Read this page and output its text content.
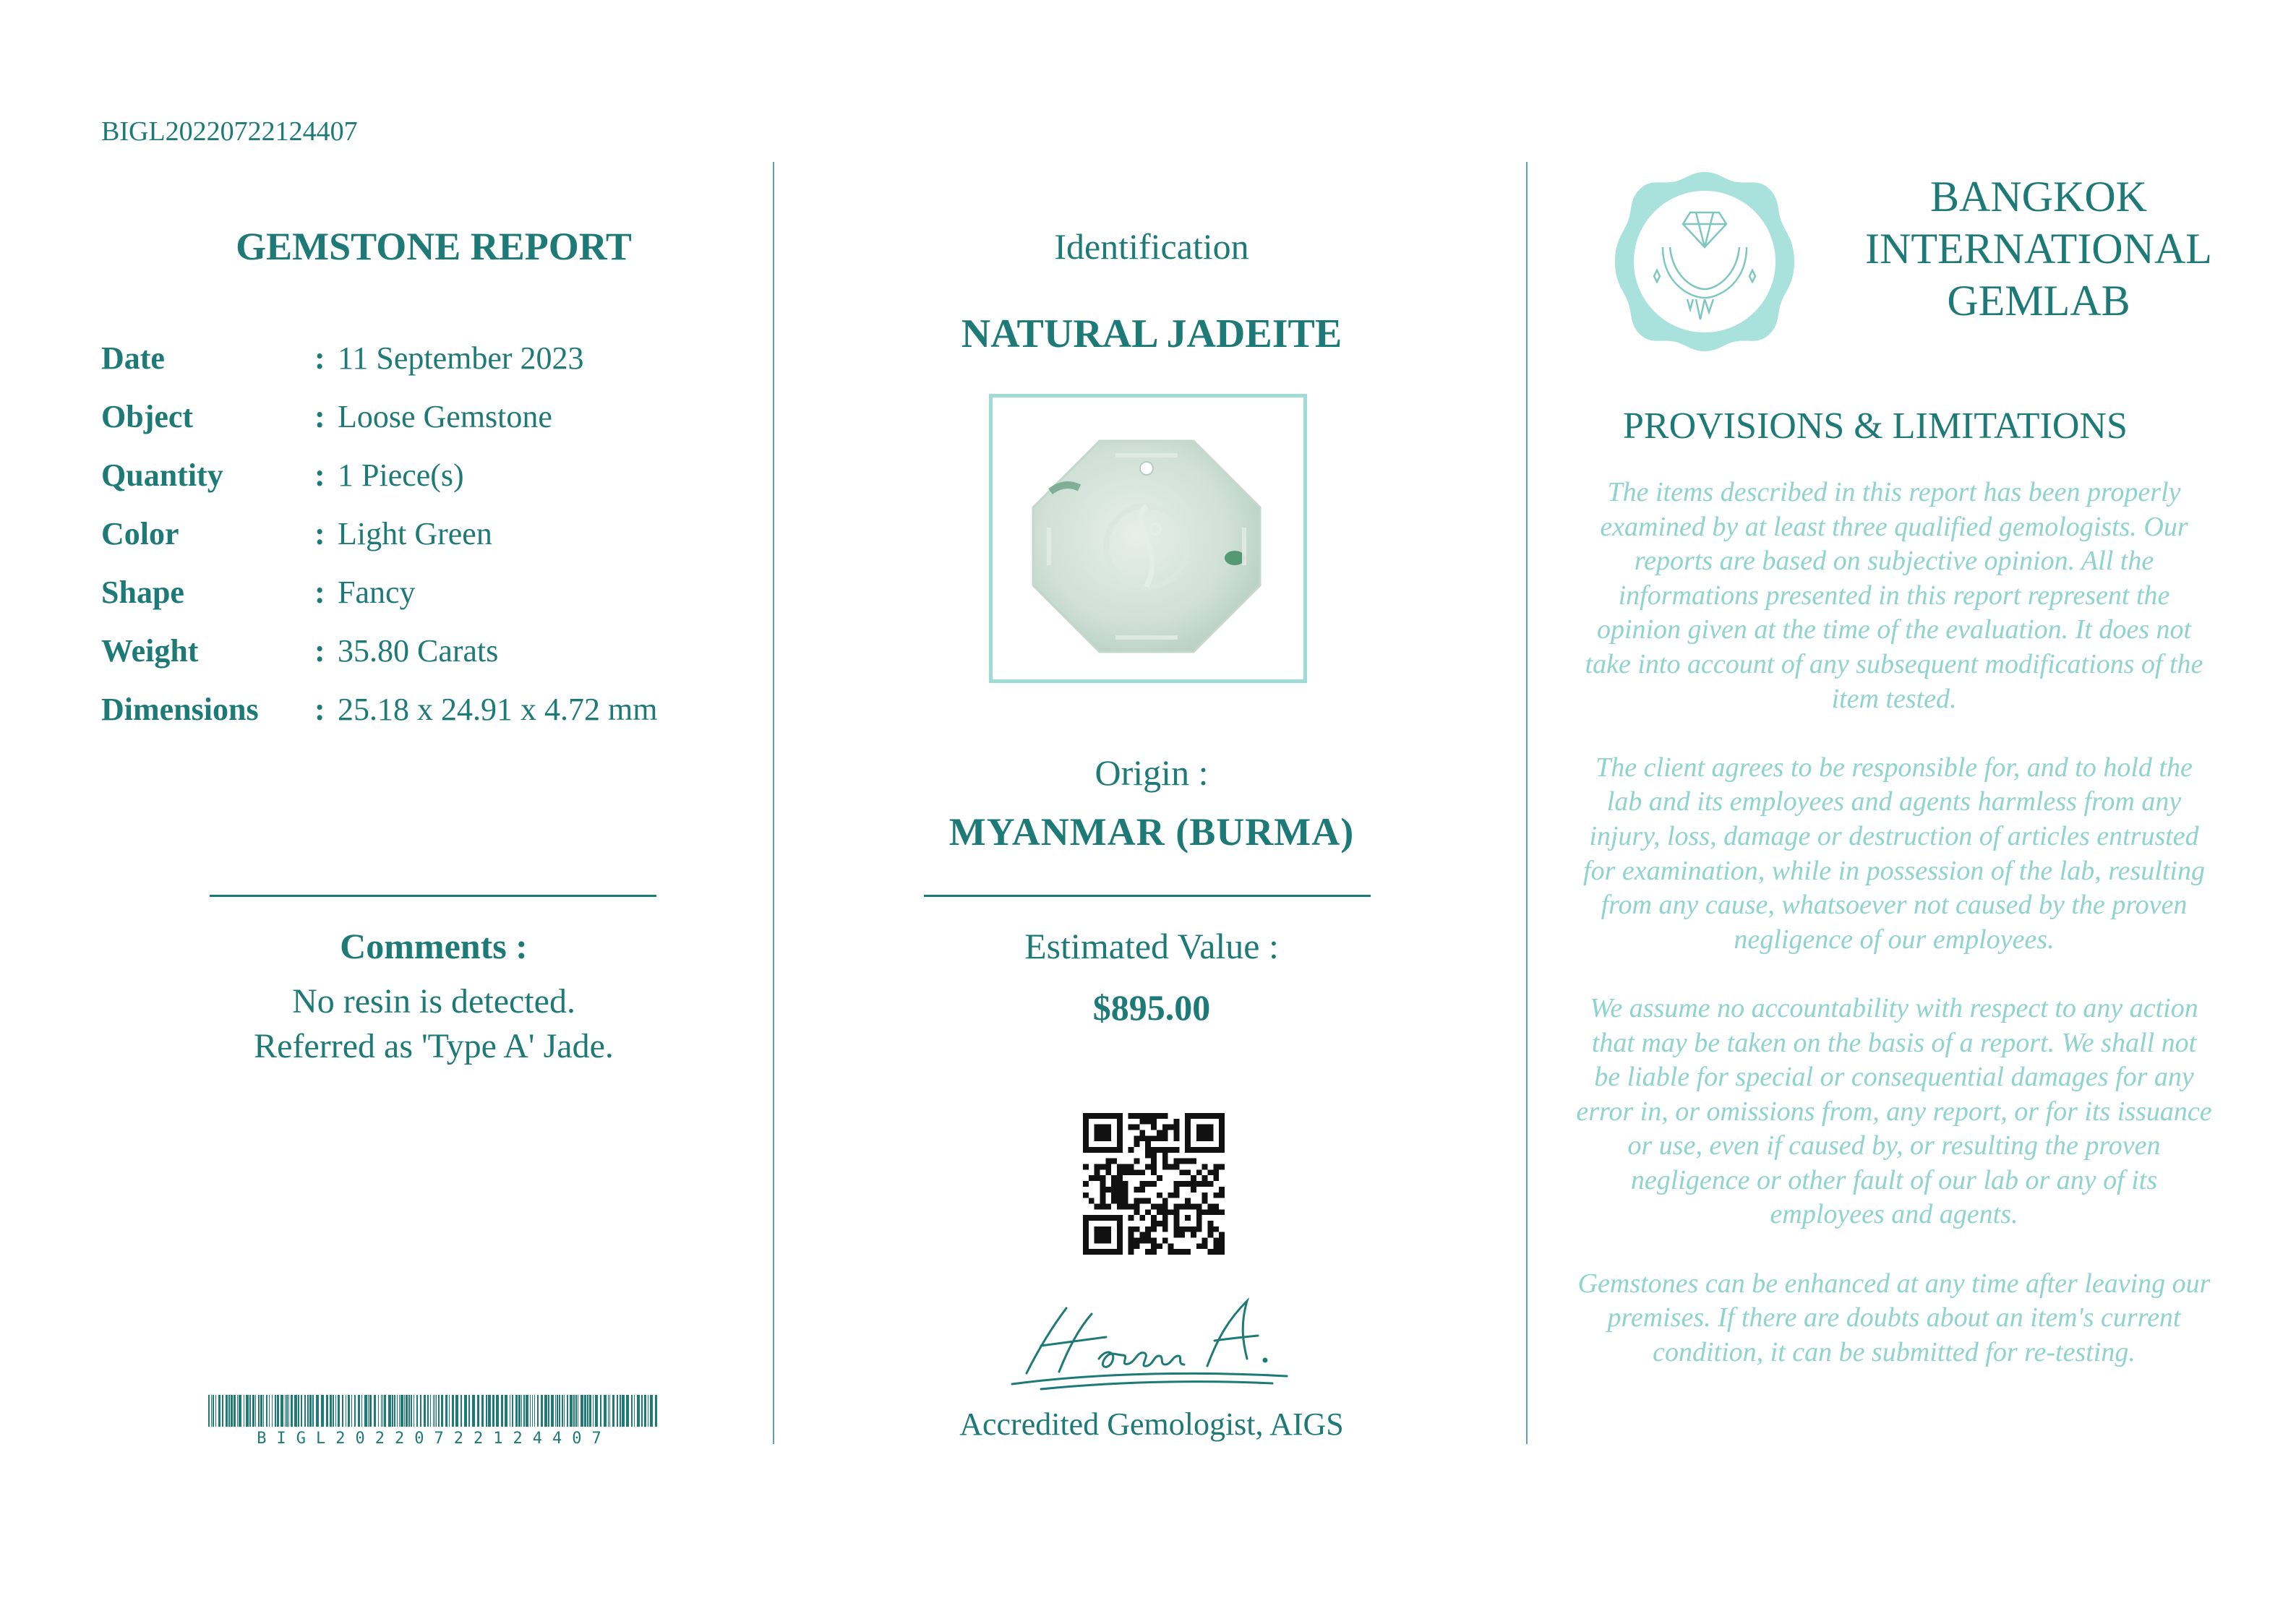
BIGL20220722124407
GEMSTONE REPORT
Date	: 11 September 2023
Object	: Loose Gemstone
Quantity	: 1 Piece(s)
Color	: Light Green
Shape	: Fancy
Weight	: 35.80 Carats
Dimensions	: 25.18 x 24.91 x 4.72 mm
Comments :
No resin is detected.
Referred as 'Type A' Jade.
BIGL20220722124407
Identification
NATURAL JADEITE
Origin :
MYANMAR (BURMA)
Estimated Value :
$895.00
Accredited Gemologist, AIGS
BANGKOK
INTERNATIONAL
GEMLAB
PROVISIONS & LIMITATIONS

The items described in this report has been properly examined by at least three qualified gemologists. Our reports are based on subjective opinion. All the informations presented in this report represent the opinion given at the time of the evaluation. It does not take into account of any subsequent modifications of the item tested.

The client agrees to be responsible for, and to hold the lab and its employees and agents harmless from any injury, loss, damage or destruction of articles entrusted for examination, while in possession of the lab, resulting from any cause, whatsoever not caused by the proven negligence of our employees.

We assume no accountability with respect to any action that may be taken on the basis of a report. We shall not be liable for special or consequential damages for any error in, or omissions from, any report, or for its issuance or use, even if caused by, or resulting the proven negligence or other fault of our lab or any of its employees and agents.

Gemstones can be enhanced at any time after leaving our premises. If there are doubts about an item's current condition, it can be submitted for re-testing.
